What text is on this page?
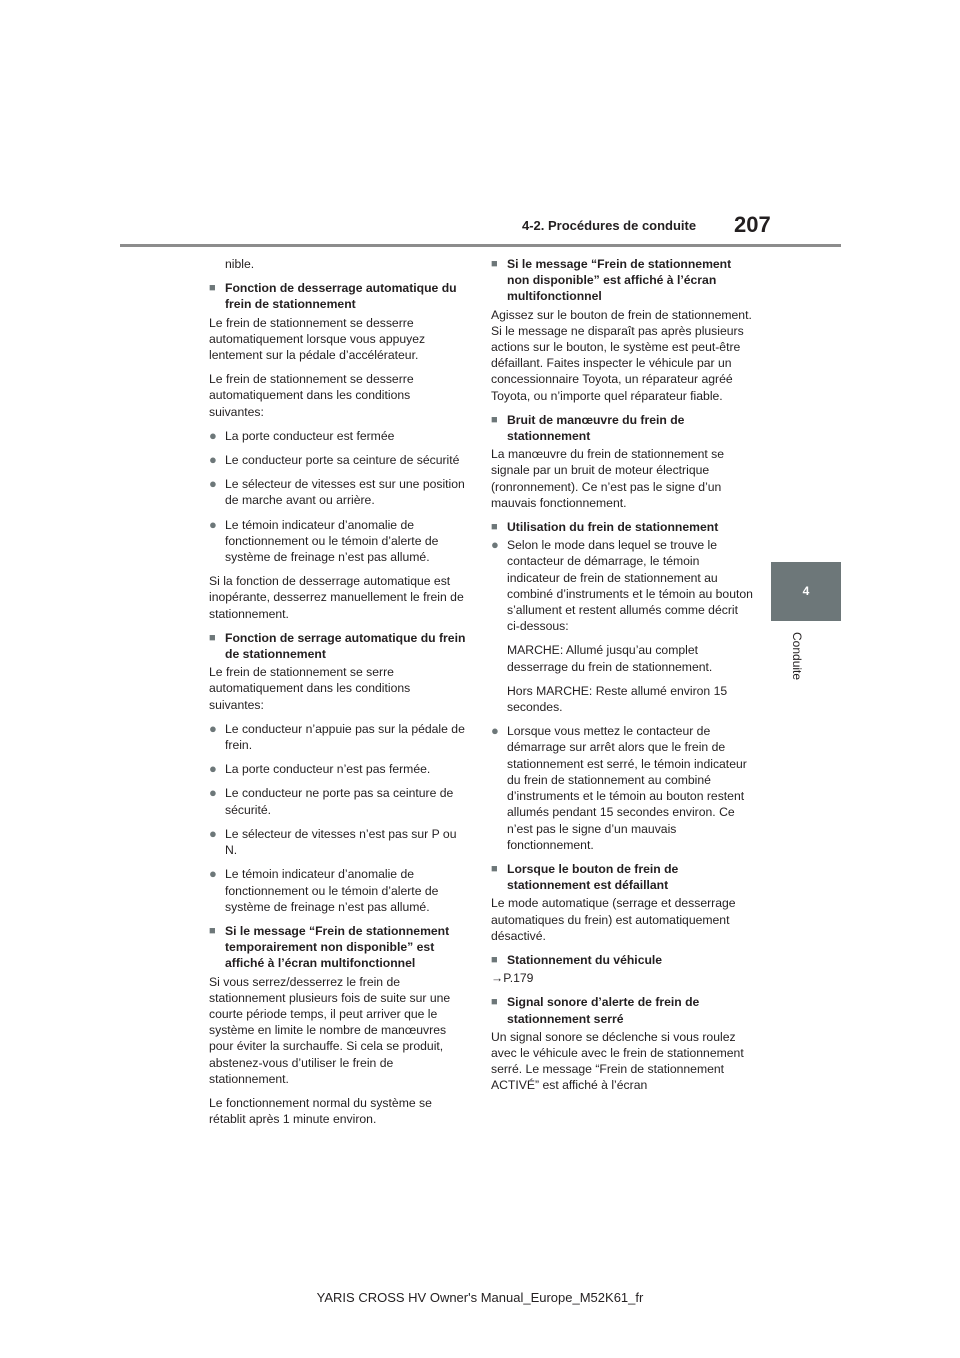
4-2. Procédures de conduite 207
4
Conduite

nible.

■ Fonction de desserrage automatique du frein de stationnement

Le frein de stationnement se desserre automatiquement lorsque vous appuyez lentement sur la pédale d’accélérateur.

Le frein de stationnement se desserre automatiquement dans les conditions suivantes:

● La porte conducteur est fermée
● Le conducteur porte sa ceinture de sécurité
● Le sélecteur de vitesses est sur une position de marche avant ou arrière.
● Le témoin indicateur d’anomalie de fonctionnement ou le témoin d’alerte de système de freinage n’est pas allumé.

Si la fonction de desserrage automatique est inopérante, desserrez manuellement le frein de stationnement.

■ Fonction de serrage automatique du frein de stationnement

Le frein de stationnement se serre automatiquement dans les conditions suivantes:

● Le conducteur n’appuie pas sur la pédale de frein.
● La porte conducteur n’est pas fermée.
● Le conducteur ne porte pas sa ceinture de sécurité.
● Le sélecteur de vitesses n’est pas sur P ou N.
● Le témoin indicateur d’anomalie de fonctionnement ou le témoin d’alerte de système de freinage n’est pas allumé.
■ Si le message “Frein de stationnement temporairement non disponible” est affiché à l’écran multifonctionnel

Si vous serrez/desserrez le frein de stationnement plusieurs fois de suite sur une courte période temps, il peut arriver que le système en limite le nombre de manœuvres pour éviter la surchauffe. Si cela se produit, abstenez-vous d’utiliser le frein de stationnement.

Le fonctionnement normal du système se rétablit après 1 minute environ.

■ Si le message “Frein de stationnement non disponible” est affiché à l’écran multifonctionnel

Agissez sur le bouton de frein de stationnement. Si le message ne disparaît pas après plusieurs actions sur le bouton, le système est peut-être défaillant. Faites inspecter le véhicule par un concessionnaire Toyota, un réparateur agréé Toyota, ou n’importe quel réparateur fiable.

■ Bruit de manœuvre du frein de stationnement

La manœuvre du frein de stationnement se signale par un bruit de moteur électrique (ronronnement). Ce n’est pas le signe d’un mauvais fonctionnement.

■ Utilisation du frein de stationnement
● Selon le mode dans lequel se trouve le contacteur de démarrage, le témoin indicateur de frein de stationnement au combiné d’instruments et le témoin au bouton s’allument et restent allumés comme décrit ci-dessous:

MARCHE: Allumé jusqu’au complet desserrage du frein de stationnement.

Hors MARCHE: Reste allumé environ 15 secondes.

● Lorsque vous mettez le contacteur de démarrage sur arrêt alors que le frein de stationnement est serré, le témoin indicateur du frein de stationnement au combiné d’instruments et le témoin au bouton restent allumés pendant 15 secondes environ. Ce n’est pas le signe d’un mauvais fonctionnement.
■ Lorsque le bouton de frein de stationnement est défaillant

Le mode automatique (serrage et desserrage automatiques du frein) est automatiquement désactivé.

■ Stationnement du véhicule

→P.179

■ Signal sonore d’alerte de frein de stationnement serré

Un signal sonore se déclenche si vous roulez avec le véhicule avec le frein de stationnement serré. Le message “Frein de stationnement ACTIVÉ” est affiché à l’écran

YARIS CROSS HV Owner's Manual_Europe_M52K61_fr
